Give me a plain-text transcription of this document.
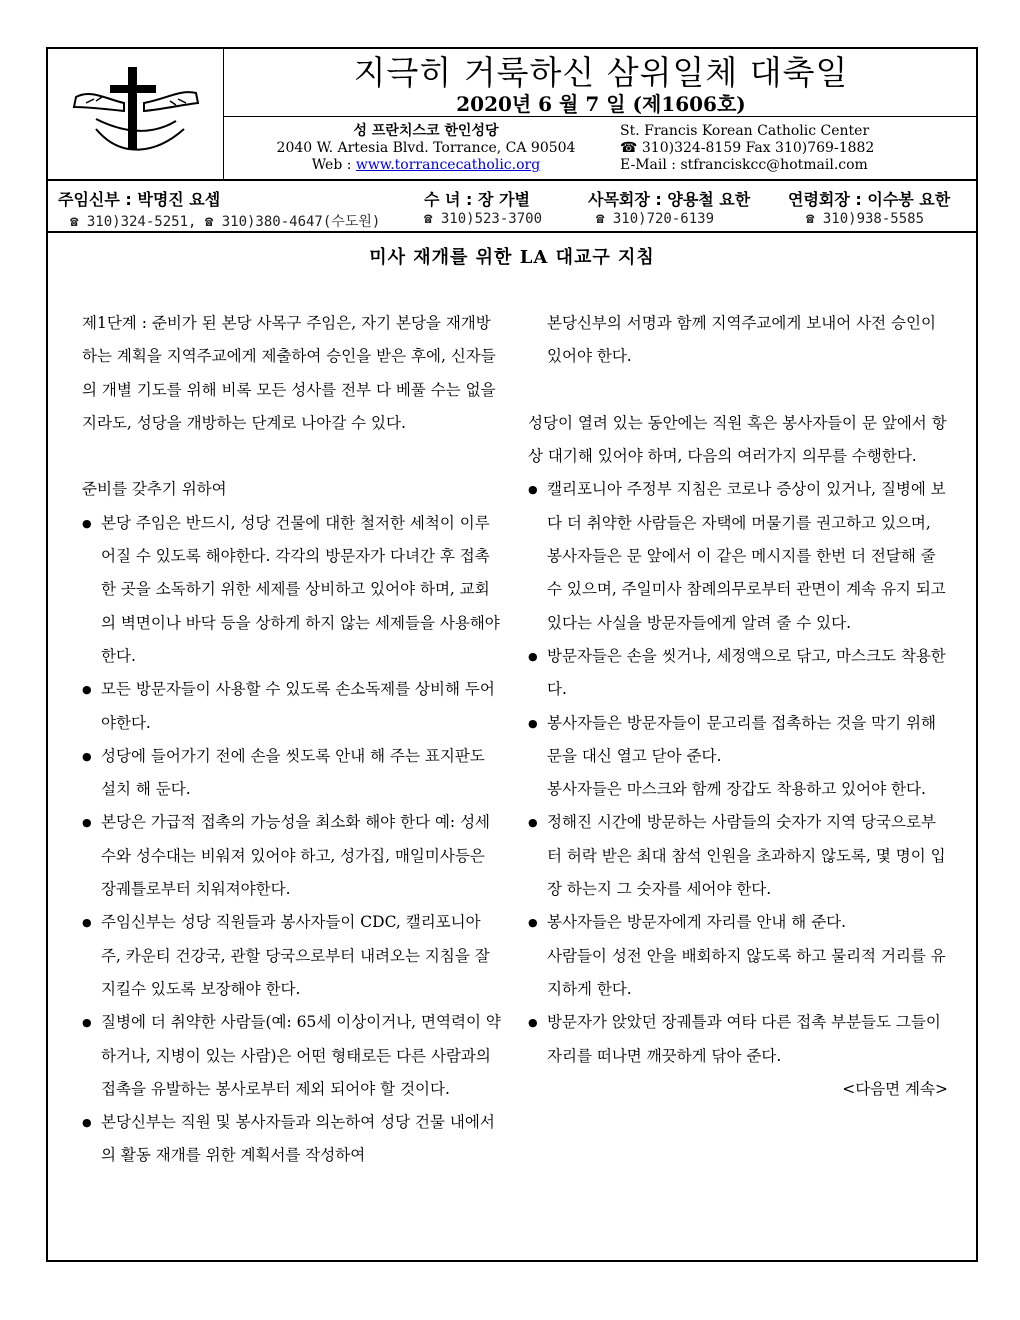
지극히 거룩하신 삼위일체 대축일
2020년 6 월 7 일 (제1606호)
성 프란치스코 한인성당
2040 W. Artesia Blvd. Torrance, CA 90504
Web : www.torrancecatholic.org
St. Francis Korean Catholic Center
☎ 310)324-8159 Fax 310)769-1882
E-Mail : stfranciskcc@hotmail.com
주임신부 : 박명진 요셉
☎ 310)324-5251, ☎ 310)380-4647(수도원)
수 녀 : 장 가별
☎ 310)523-3700
사목회장 : 양용철 요한
☎ 310)720-6139
연령회장 : 이수봉 요한
☎ 310)938-5585
미사 재개를 위한 LA 대교구 지침

제1단계 : 준비가 된 본당 사목구 주임은, 자기 본당을 재개방하는 계획을 지역주교에게 제출하여 승인을 받은 후에, 신자들의 개별 기도를 위해 비록 모든 성사를 전부 다 베풀 수는 없을지라도, 성당을 개방하는 단계로 나아갈 수 있다.

준비를 갖추기 위하여

● 본당 주임은 반드시, 성당 건물에 대한 철저한 세척이 이루어질 수 있도록 해야한다. 각각의 방문자가 다녀간 후 접촉한 곳을 소독하기 위한 세제를 상비하고 있어야 하며, 교회의 벽면이나 바닥 등을 상하게 하지 않는 세제들을 사용해야 한다.
● 모든 방문자들이 사용할 수 있도록 손소독제를 상비해 두어야한다.
● 성당에 들어가기 전에 손을 씻도록 안내 해 주는 표지판도 설치 해 둔다.
● 본당은 가급적 접촉의 가능성을 최소화 해야 한다 예: 성세수와 성수대는 비워져 있어야 하고, 성가집, 매일미사등은 장궤틀로부터 치워져야한다.
● 주임신부는 성당 직원들과 봉사자들이 CDC, 캘리포니아 주, 카운티 건강국, 관할 당국으로부터 내려오는 지침을 잘 지킬수 있도록 보장해야 한다.
● 질병에 더 취약한 사람들(예: 65세 이상이거나, 면역력이 약하거나, 지병이 있는 사람)은 어떤 형태로든 다른 사람과의 접촉을 유발하는 봉사로부터 제외 되어야 할 것이다.
● 본당신부는 직원 및 봉사자들과 의논하여 성당 건물 내에서의 활동 재개를 위한 계획서를 작성하여

본당신부의 서명과 함께 지역주교에게 보내어 사전 승인이 있어야 한다.

성당이 열려 있는 동안에는 직원 혹은 봉사자들이 문 앞에서 항상 대기해 있어야 하며, 다음의 여러가지 의무를 수행한다.

● 캘리포니아 주정부 지침은 코로나 증상이 있거나, 질병에 보다 더 취약한 사람들은 자택에 머물기를 권고하고 있으며, 봉사자들은 문 앞에서 이 같은 메시지를 한번 더 전달해 줄 수 있으며, 주일미사 참례의무로부터 관면이 계속 유지 되고 있다는 사실을 방문자들에게 알려 줄 수 있다.
● 방문자들은 손을 씻거나, 세정액으로 닦고, 마스크도 착용한다.
● 봉사자들은 방문자들이 문고리를 접촉하는 것을 막기 위해 문을 대신 열고 닫아 준다.

봉사자들은 마스크와 함께 장갑도 착용하고 있어야 한다.

● 정해진 시간에 방문하는 사람들의 숫자가 지역 당국으로부터 허락 받은 최대 참석 인원을 초과하지 않도록, 몇 명이 입장 하는지 그 숫자를 세어야 한다.
● 봉사자들은 방문자에게 자리를 안내 해 준다.

사람들이 성전 안을 배회하지 않도록 하고 물리적 거리를 유지하게 한다.

● 방문자가 앉았던 장궤틀과 여타 다른 접촉 부분들도 그들이 자리를 떠나면 깨끗하게 닦아 준다.

<다음면 계속>
